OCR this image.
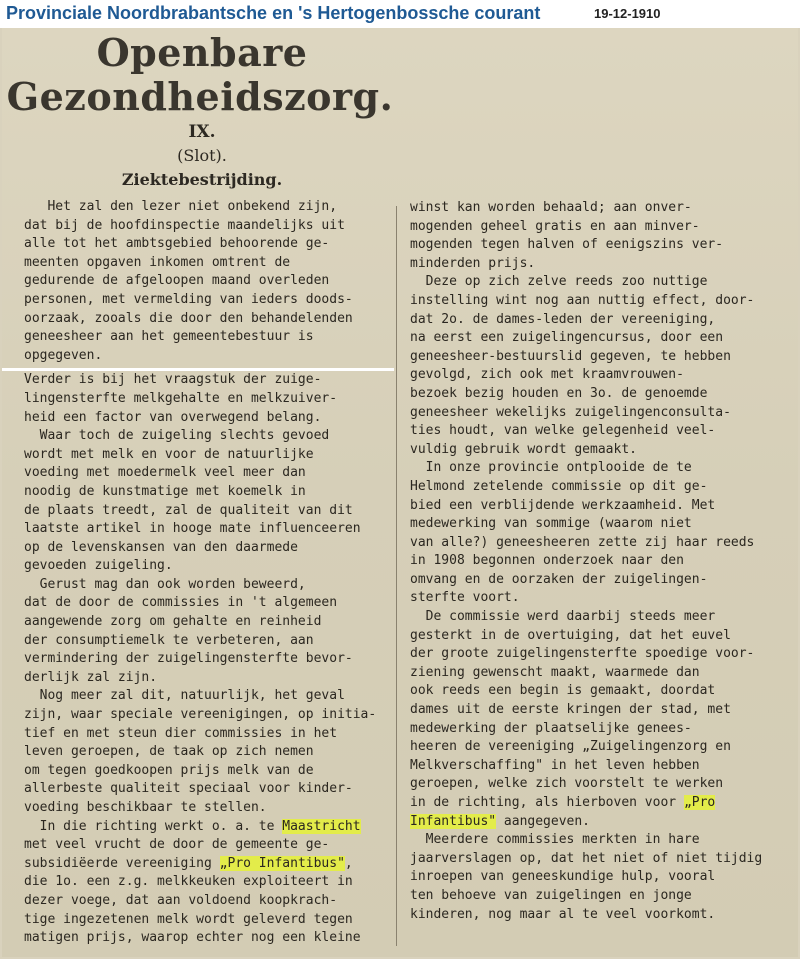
Provinciale Noordbrabantsche en 's Hertogenbossche courant	19-12-1910
Openbare
Gezondheidszorg.
IX.
(Slot).
Ziektebestrijding.

Het zal den lezer niet onbekend zijn,
dat bij de hoofdinspectie maandelijks uit
alle tot het ambtsgebied behoorende ge-
meenten opgaven inkomen omtrent de
gedurende de afgeloopen maand overleden
personen, met vermelding van ieders doods-
oorzaak, zooals die door den behandelenden
geneesheer aan het gemeentebestuur is
opgegeven.

Verder is bij het vraagstuk der zuige-
lingensterfte melkgehalte en melkzuiver-
heid een factor van overwegend belang.

Waar toch de zuigeling slechts gevoed
wordt met melk en voor de natuurlijke
voeding met moedermelk veel meer dan
noodig de kunstmatige met koemelk in
de plaats treedt, zal de qualiteit van dit
laatste artikel in hooge mate influenceeren
op de levenskansen van den daarmede
gevoeden zuigeling.

Gerust mag dan ook worden beweerd,
dat de door de commissies in 't algemeen
aangewende zorg om gehalte en reinheid
der consumptiemelk te verbeteren, aan
vermindering der zuigelingensterfte bevor-
derlijk zal zijn.

Nog meer zal dit, natuurlijk, het geval
zijn, waar speciale vereenigingen, op initia-
tief en met steun dier commissies in het
leven geroepen, de taak op zich nemen
om tegen goedkoopen prijs melk van de
allerbeste qualiteit speciaal voor kinder-
voeding beschikbaar te stellen.

In die richting werkt o. a. te Maastricht
met veel vrucht de door de gemeente ge-
subsidiëerde vereeniging „Pro Infantibus",
die 1o. een z.g. melkkeuken exploiteert in
dezer voege, dat aan voldoend koopkrach-
tige ingezetenen melk wordt geleverd tegen
matigen prijs, waarop echter nog een kleine

winst kan worden behaald; aan onver-
mogenden geheel gratis en aan minver-
mogenden tegen halven of eenigszins ver-
minderden prijs.

Deze op zich zelve reeds zoo nuttige
instelling wint nog aan nuttig effect, door-
dat 2o. de dames-leden der vereeniging,
na eerst een zuigelingencursus, door een
geneesheer-bestuurslid gegeven, te hebben
gevolgd, zich ook met kraamvrouwen-
bezoek bezig houden en 3o. de genoemde
geneesheer wekelijks zuigelingenconsulta-
ties houdt, van welke gelegenheid veel-
vuldig gebruik wordt gemaakt.

In onze provincie ontplooide de te
Helmond zetelende commissie op dit ge-
bied een verblijdende werkzaamheid. Met
medewerking van sommige (waarom niet
van alle?) geneesheeren zette zij haar reeds
in 1908 begonnen onderzoek naar den
omvang en de oorzaken der zuigelingen-
sterfte voort.

De commissie werd daarbij steeds meer
gesterkt in de overtuiging, dat het euvel
der groote zuigelingensterfte spoedige voor-
ziening gewenscht maakt, waarmede dan
ook reeds een begin is gemaakt, doordat
dames uit de eerste kringen der stad, met
medewerking der plaatselijke genees-
heeren de vereeniging „Zuigelingenzorg en
Melkverschaffing" in het leven hebben
geroepen, welke zich voorstelt te werken
in de richting, als hierboven voor „Pro
Infantibus" aangegeven.

Meerdere commissies merkten in hare
jaarverslagen op, dat het niet of niet tijdig
inroepen van geneeskundige hulp, vooral
ten behoeve van zuigelingen en jonge
kinderen, nog maar al te veel voorkomt.
